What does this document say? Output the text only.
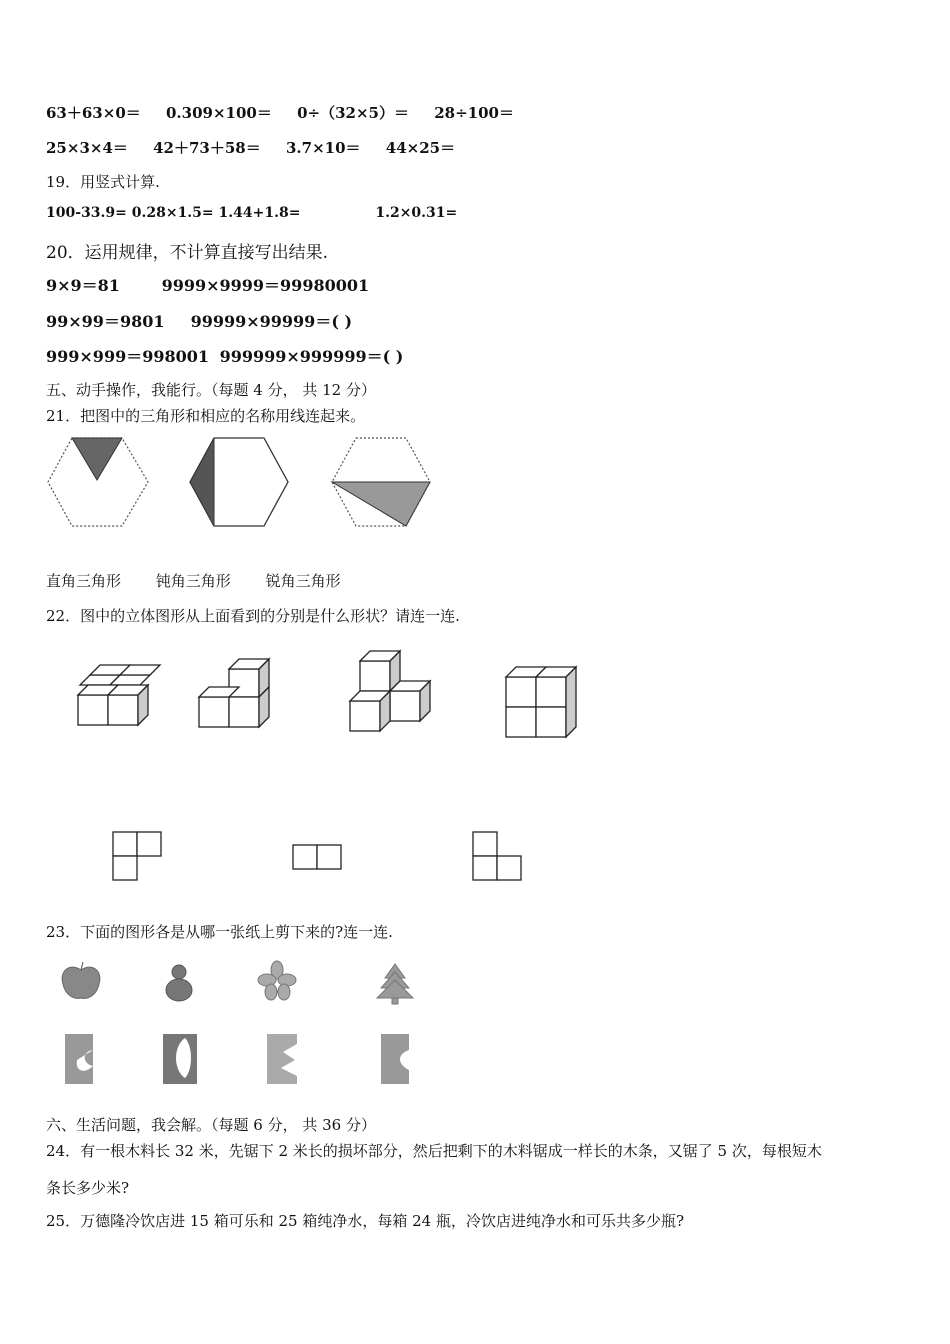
63＋63×0＝ 0.309×100＝ 0÷（32×5）＝ 28÷100＝
25×3×4＝ 42＋73＋58＝ 3.7×10＝ 44×25＝
19．用竖式计算.
100-33.9= 0.28×1.5= 1.44+1.8=	1.2×0.31=
20．运用规律，不计算直接写出结果.
9×9＝81	9999×9999＝99980001
99×99＝9801 99999×99999＝( )
999×999＝998001 999999×999999＝( )
五、动手操作，我能行。（每题 4 分， 共 12 分）
21．把图中的三角形和相应的名称用线连起来。
直角三角形 钝角三角形 锐角三角形
22．图中的立体图形从上面看到的分别是什么形状？请连一连.
23．下面的图形各是从哪一张纸上剪下来的?连一连.
六、生活问题，我会解。（每题 6 分， 共 36 分）
24．有一根木料长 32 米，先锯下 2 米长的损坏部分，然后把剩下的木料锯成一样长的木条，又锯了 5 次，每根短木
条长多少米?
25．万德隆冷饮店进 15 箱可乐和 25 箱纯净水，每箱 24 瓶，冷饮店进纯净水和可乐共多少瓶?
